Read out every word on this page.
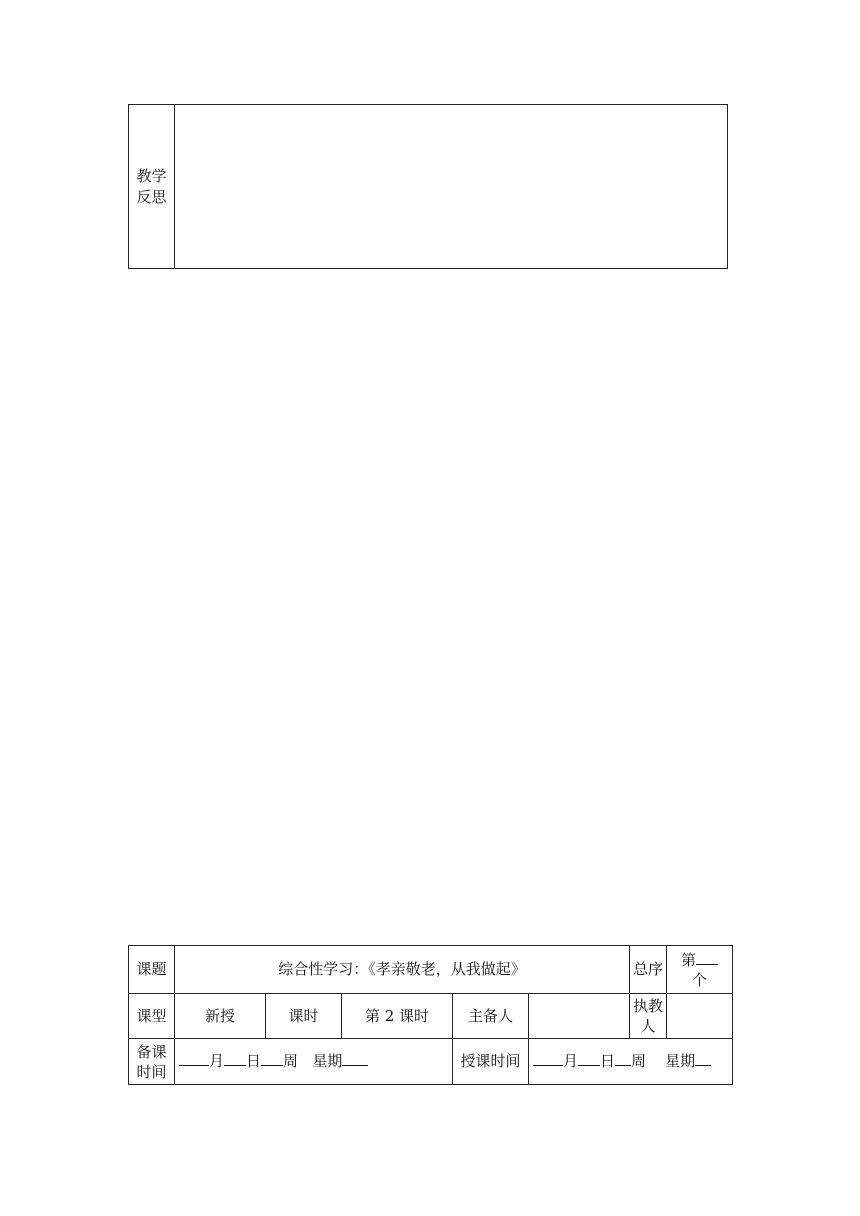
教学
反思

课题	综合性学习：《孝亲敬老，从我做起》					总序	第
个

课型	新授	课时	第 2 课时	主备人		执教
人	

备课
时间	月 日 周 星期			授课时间	月 日 周 星期		
